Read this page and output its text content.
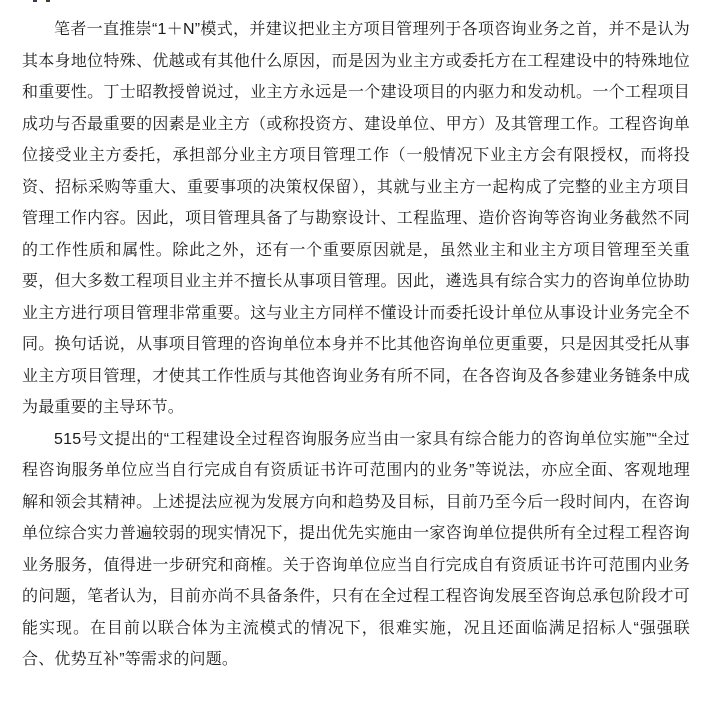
笔者一直推崇“1＋N”模式，并建议把业主方项目管理列于各项咨询业务之首，并不是认为其本身地位特殊、优越或有其他什么原因，而是因为业主方或委托方在工程建设中的特殊地位和重要性。丁士昭教授曾说过，业主方永远是一个建设项目的内驱力和发动机。一个工程项目成功与否最重要的因素是业主方（或称投资方、建设单位、甲方）及其管理工作。工程咨询单位接受业主方委托，承担部分业主方项目管理工作（一般情况下业主方会有限授权，而将投资、招标采购等重大、重要事项的决策权保留），其就与业主方一起构成了完整的业主方项目管理工作内容。因此，项目管理具备了与勘察设计、工程监理、造价咨询等咨询业务截然不同的工作性质和属性。除此之外，还有一个重要原因就是，虽然业主和业主方项目管理至关重要，但大多数工程项目业主并不擅长从事项目管理。因此，遴选具有综合实力的咨询单位协助业主方进行项目管理非常重要。这与业主方同样不懂设计而委托设计单位从事设计业务完全不同。换句话说，从事项目管理的咨询单位本身并不比其他咨询单位更重要，只是因其受托从事业主方项目管理，才使其工作性质与其他咨询业务有所不同，在各咨询及各参建业务链条中成为最重要的主导环节。

515号文提出的“工程建设全过程咨询服务应当由一家具有综合能力的咨询单位实施”“全过程咨询服务单位应当自行完成自有资质证书许可范围内的业务”等说法，亦应全面、客观地理解和领会其精神。上述提法应视为发展方向和趋势及目标，目前乃至今后一段时间内，在咨询单位综合实力普遍较弱的现实情况下，提出优先实施由一家咨询单位提供所有全过程工程咨询业务服务，值得进一步研究和商榷。关于咨询单位应当自行完成自有资质证书许可范围内业务的问题，笔者认为，目前亦尚不具备条件，只有在全过程工程咨询发展至咨询总承包阶段才可能实现。在目前以联合体为主流模式的情况下，很难实施，况且还面临满足招标人“强强联合、优势互补”等需求的问题。
